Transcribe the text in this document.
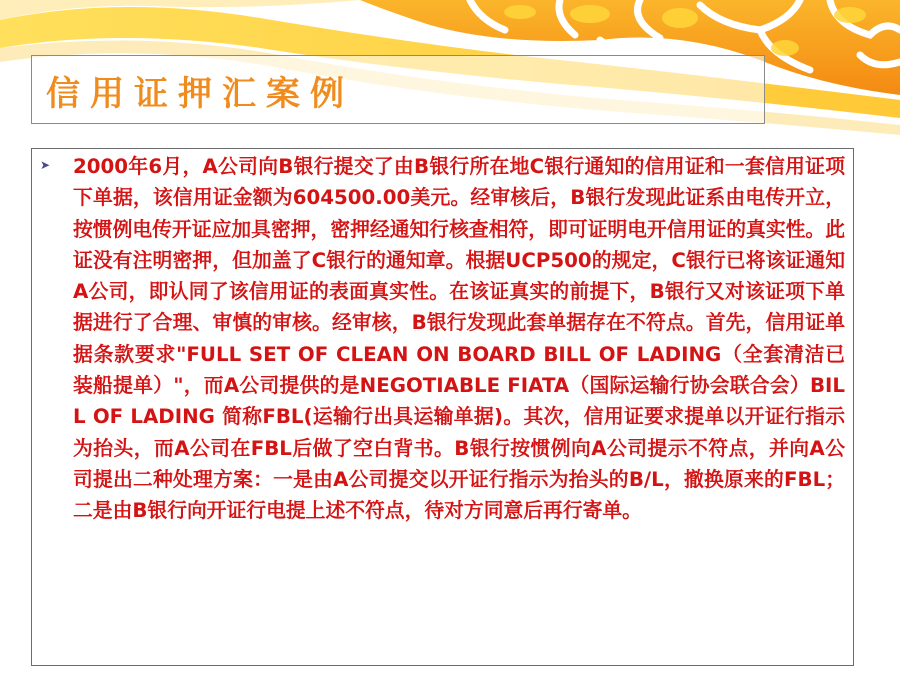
信用证押汇案例
➤ 2000年6月，A公司向B银行提交了由B银行所在地C银行通知的信用证和一套信用证项下单据，该信用证金额为604500.00美元。经审核后，B银行发现此证系由电传开立，按惯例电传开证应加具密押，密押经通知行核查相符，即可证明电开信用证的真实性。此证没有注明密押，但加盖了C银行的通知章。根据UCP500的规定，C银行已将该证通知A公司，即认同了该信用证的表面真实性。在该证真实的前提下，B银行又对该证项下单据进行了合理、审慎的审核。经审核，B银行发现此套单据存在不符点。首先，信用证单据条款要求"FULL SET OF CLEAN ON BOARD BILL OF LADING（全套清洁已装船提单）"，而A公司提供的是NEGOTIABLE FIATA（国际运输行协会联合会）BILL OF LADING 简称FBL(运输行出具运输单据)。其次，信用证要求提单以开证行指示为抬头，而A公司在FBL后做了空白背书。B银行按惯例向A公司提示不符点，并向A公司提出二种处理方案：一是由A公司提交以开证行指示为抬头的B/L，撤换原来的FBL；二是由B银行向开证行电提上述不符点，待对方同意后再行寄单。
